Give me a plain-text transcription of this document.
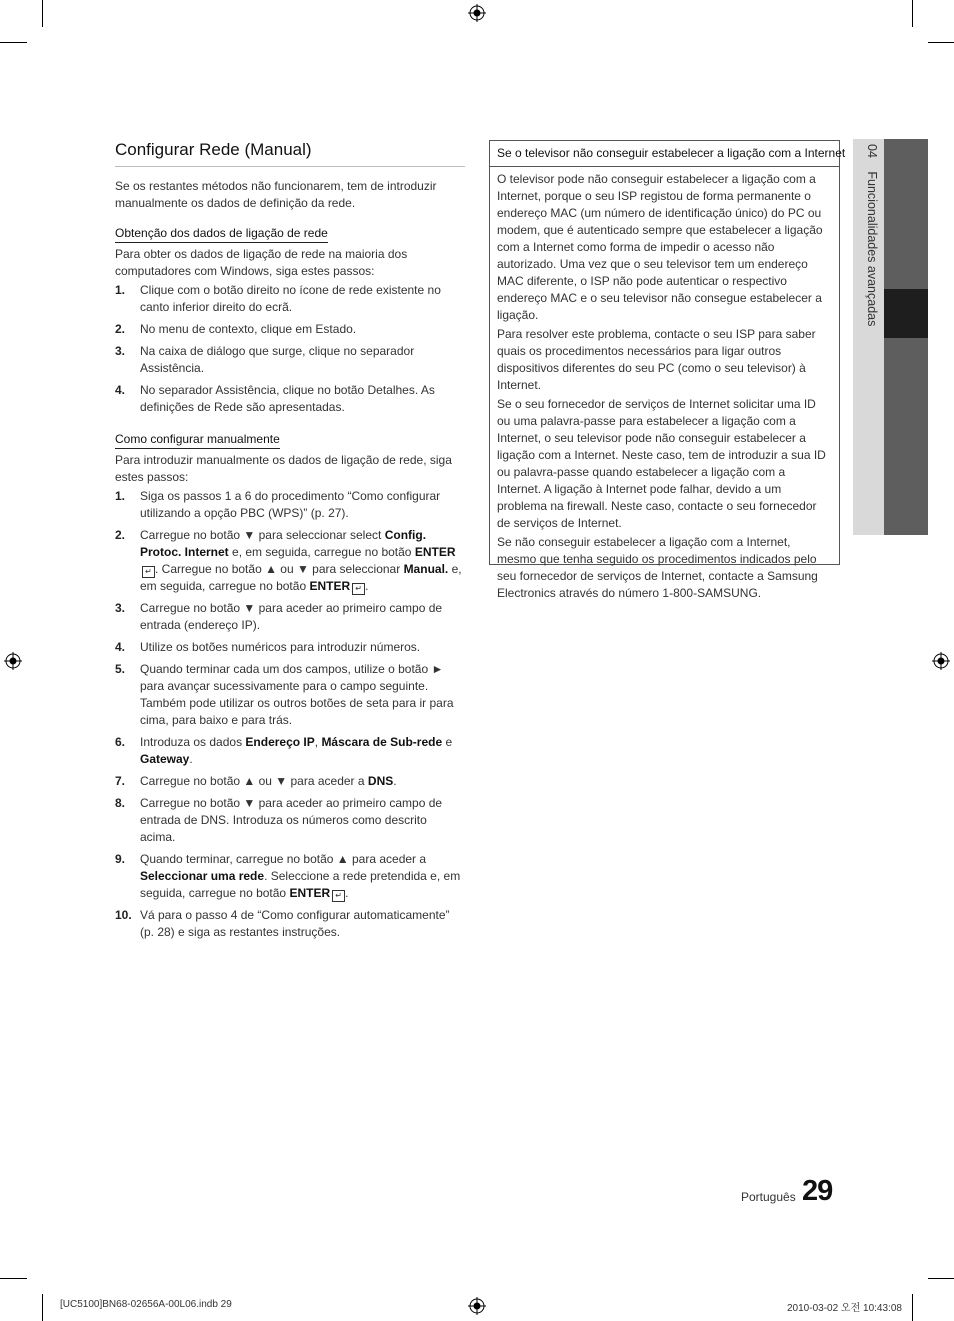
04 Funcionalidades avançadas
Configurar Rede (Manual)

Se os restantes métodos não funcionarem, tem de introduzir manualmente os dados de definição da rede.

Obtenção dos dados de ligação de rede

Para obter os dados de ligação de rede na maioria dos computadores com Windows, siga estes passos:

1. Clique com o botão direito no ícone de rede existente no canto inferior direito do ecrã.
2. No menu de contexto, clique em Estado.
3. Na caixa de diálogo que surge, clique no separador Assistência.
4. No separador Assistência, clique no botão Detalhes. As definições de Rede são apresentadas.
Como configurar manualmente

Para introduzir manualmente os dados de ligação de rede, siga estes passos:

1. Siga os passos 1 a 6 do procedimento “Como configurar utilizando a opção PBC (WPS)” (p. 27).
2. Carregue no botão ▼ para seleccionar select Config. Protoc. Internet e, em seguida, carregue no botão ENTER↵ . Carregue no botão ▲ ou ▼ para seleccionar Manual. e, em seguida, carregue no botão ENTER ↵ .
3. Carregue no botão ▼ para aceder ao primeiro campo de entrada (endereço IP).
4. Utilize os botões numéricos para introduzir números.
5. Quando terminar cada um dos campos, utilize o botão ► para avançar sucessivamente para o campo seguinte. Também pode utilizar os outros botões de seta para ir para cima, para baixo e para trás.
6. Introduza os dados Endereço IP, Máscara de Sub-rede e Gateway.
7. Carregue no botão ▲ ou ▼ para aceder a DNS.
8. Carregue no botão ▼ para aceder ao primeiro campo de entrada de DNS. Introduza os números como descrito acima.
9. Quando terminar, carregue no botão ▲ para aceder a Seleccionar uma rede. Seleccione a rede pretendida e, em seguida, carregue no botão ENTER ↵ .
10. Vá para o passo 4 de “Como configurar automaticamente” (p. 28) e siga as restantes instruções.
Se o televisor não conseguir estabelecer a ligação com a Internet

O televisor pode não conseguir estabelecer a ligação com a Internet, porque o seu ISP registou de forma permanente o endereço MAC (um número de identificação único) do PC ou modem, que é autenticado sempre que estabelecer a ligação com a Internet como forma de impedir o acesso não autorizado. Uma vez que o seu televisor tem um endereço MAC diferente, o ISP não pode autenticar o respectivo endereço MAC e o seu televisor não consegue estabelecer a ligação.

Para resolver este problema, contacte o seu ISP para saber quais os procedimentos necessários para ligar outros dispositivos diferentes do seu PC (como o seu televisor) à Internet.

Se o seu fornecedor de serviços de Internet solicitar uma ID ou uma palavra-passe para estabelecer a ligação com a Internet, o seu televisor pode não conseguir estabelecer a ligação com a Internet. Neste caso, tem de introduzir a sua ID ou palavra-passe quando estabelecer a ligação com a Internet. A ligação à Internet pode falhar, devido a um problema na firewall. Neste caso, contacte o seu fornecedor de serviços de Internet.

Se não conseguir estabelecer a ligação com a Internet, mesmo que tenha seguido os procedimentos indicados pelo seu fornecedor de serviços de Internet, contacte a Samsung Electronics através do número 1-800-SAMSUNG.

Português 29
[UC5100]BN68-02656A-00L06.indb 29	2010-03-02 오전 10:43:08
